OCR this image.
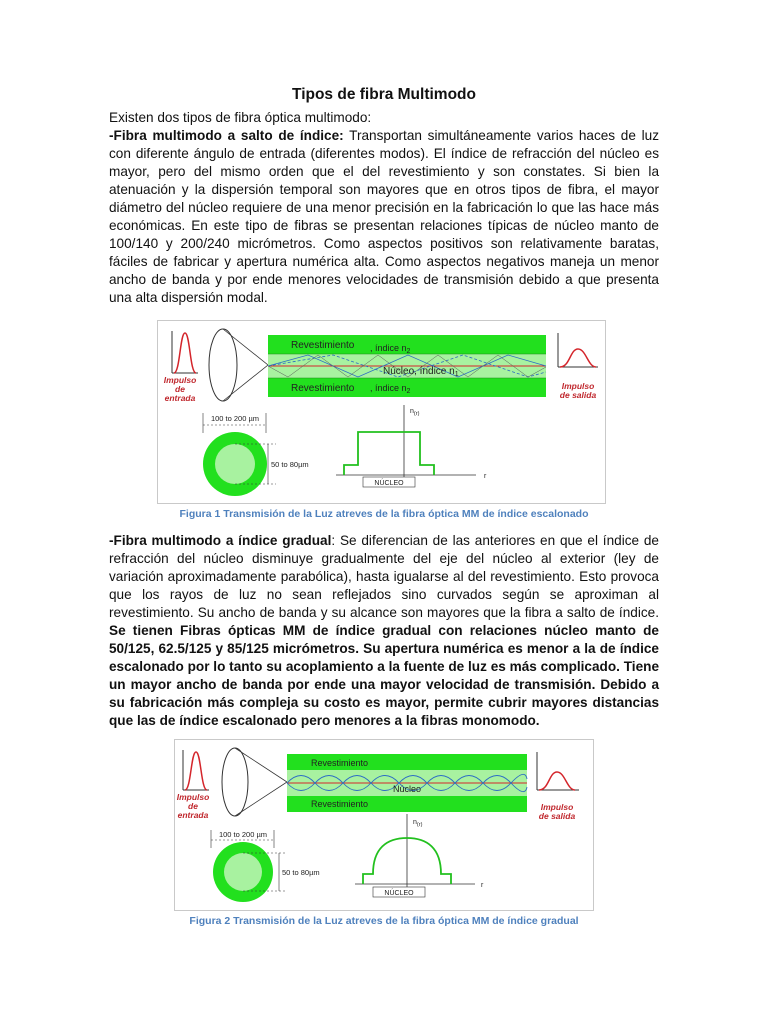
Tipos de fibra Multimodo
Existen dos tipos de fibra óptica multimodo:
-Fibra multimodo a salto de índice: Transportan simultáneamente varios haces de luz con diferente ángulo de entrada (diferentes modos). El índice de refracción del núcleo es mayor, pero del mismo orden que el del revestimiento y son constates. Si bien la atenuación y la dispersión temporal son mayores que en otros tipos de fibra, el mayor diámetro del núcleo requiere de una menor precisión en la fabricación lo que las hace más económicas. En este tipo de fibras se presentan relaciones típicas de núcleo manto de 100/140 y 200/240 micrómetros. Como aspectos positivos son relativamente baratas, fáciles de fabricar y apertura numérica alta. Como aspectos negativos maneja un menor ancho de banda y por ende menores velocidades de transmisión debido a que presenta una alta dispersión modal.
Impulso
de
entrada
Revestimiento , índice $n_2$
Núcleo, índice $n_1$
Revestimiento , índice $n_2$
Impulso
de salida
100 to 200 µm
50 to 80µm
$n_{(r)}$
r
NÚCLEO
Figura 1 Transmisión de la Luz atreves de la fibra óptica MM de índice escalonado
-Fibra multimodo a índice gradual: Se diferencian de las anteriores en que el índice de refracción del núcleo disminuye gradualmente del eje del núcleo al exterior (ley de variación aproximadamente parabólica), hasta igualarse al del revestimiento. Esto provoca que los rayos de luz no sean reflejados sino curvados según se aproximan al revestimiento. Su ancho de banda y su alcance son mayores que la fibra a salto de índice. Se tienen Fibras ópticas MM de índice gradual con relaciones núcleo manto de 50/125, 62.5/125 y 85/125 micrómetros. Su apertura numérica es menor a la de índice escalonado por lo tanto su acoplamiento a la fuente de luz es más complicado. Tiene un mayor ancho de banda por ende una mayor velocidad de transmisión. Debido a su fabricación más compleja su costo es mayor, permite cubrir mayores distancias que las de índice escalonado pero menores a la fibras monomodo.
Impulso
de
entrada
Revestimiento
Núcleo
Revestimiento	Impulso
de salida
100 to 200 µm
50 to 80µm
$n_{(r)}$
r
NÚCLEO
Figura 2 Transmisión de la Luz atreves de la fibra óptica MM de índice gradual
